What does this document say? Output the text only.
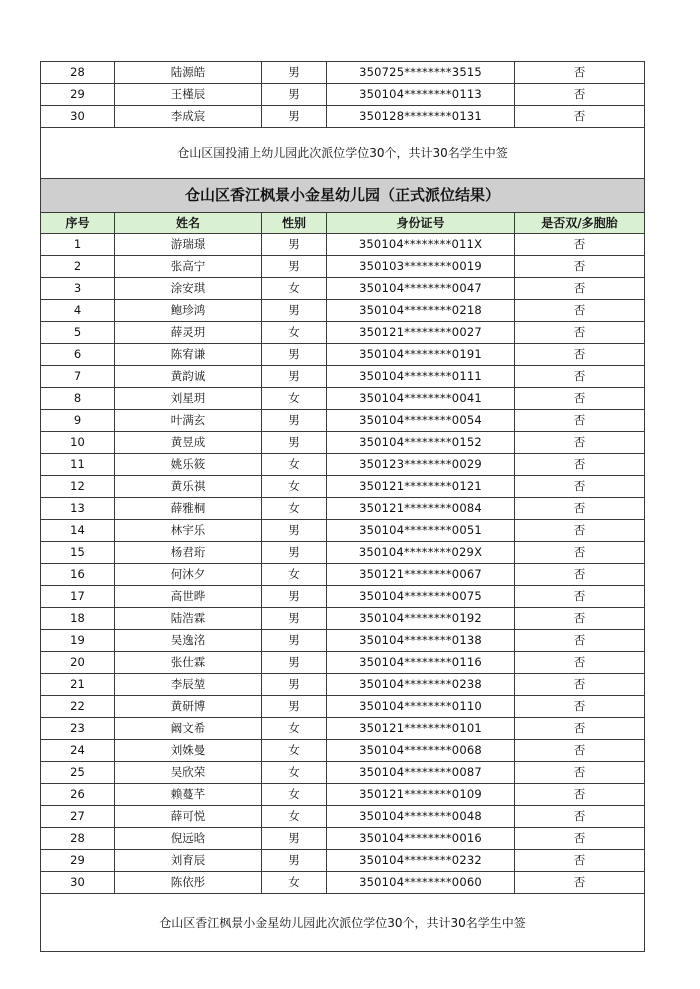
28	陆源皓	男	350725********3515	否
29	王槿辰	男	350104********0113	否
30	李成宸	男	350128********0131	否
仓山区国投浦上幼儿园此次派位学位30个，共计30名学生中签				
仓山区香江枫景小金星幼儿园（正式派位结果）				
序号	姓名	性别	身份证号	是否双/多胞胎
1	游瑞璟	男	350104********011X	否
2	张高宁	男	350103********0019	否
3	涂安琪	女	350104********0047	否
4	鲍珍鸿	男	350104********0218	否
5	薛灵玥	女	350121********0027	否
6	陈宥谦	男	350104********0191	否
7	黄韵诚	男	350104********0111	否
8	刘星玥	女	350104********0041	否
9	叶满玄	男	350104********0054	否
10	黄昱成	男	350104********0152	否
11	姚乐筱	女	350123********0029	否
12	黄乐祺	女	350121********0121	否
13	薛雅桐	女	350121********0084	否
14	林宇乐	男	350104********0051	否
15	杨君珩	男	350104********029X	否
16	何沐夕	女	350121********0067	否
17	高世晔	男	350104********0075	否
18	陆浩霖	男	350104********0192	否
19	吴逸洺	男	350104********0138	否
20	张仕霖	男	350104********0116	否
21	李辰堃	男	350104********0238	否
22	黄研博	男	350104********0110	否
23	阚文希	女	350121********0101	否
24	刘姝曼	女	350104********0068	否
25	吴欣荣	女	350104********0087	否
26	赖蔓芊	女	350121********0109	否
27	薛可悦	女	350104********0048	否
28	倪远晗	男	350104********0016	否
29	刘育辰	男	350104********0232	否
30	陈依彤	女	350104********0060	否
仓山区香江枫景小金星幼儿园此次派位学位30个，共计30名学生中签				
